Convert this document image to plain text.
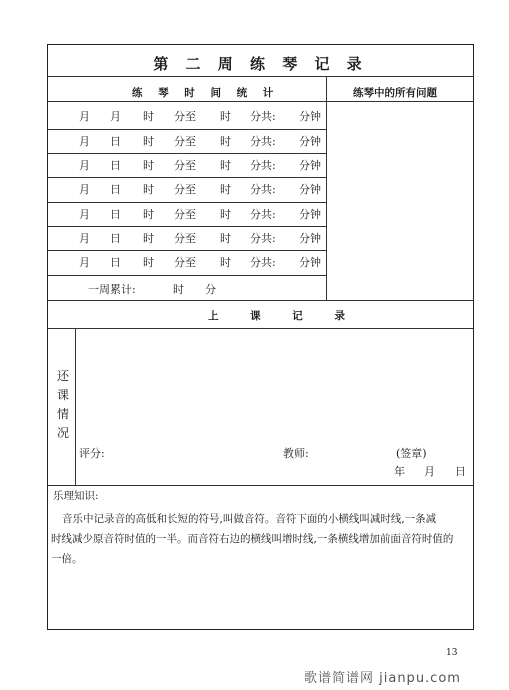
第 二 周 练 琴 记 录
练 琴 时 间 统 计	练琴中的所有问题
月 月 时 分至 时 分共: 分钟
月 日 时 分至 时 分共: 分钟
月 日 时 分至 时 分共: 分钟
月 日 时 分至 时 分共: 分钟
月 日 时 分至 时 分共: 分钟
月 日 时 分至 时 分共: 分钟
月 日 时 分至 时 分共: 分钟
一周累计:	时 分
上 课 记 录
还
课
情
况
评分:	教师:	(签章)
年 月 日
乐理知识:
音乐中记录音的高低和长短的符号,叫做音符。音符下面的小横线叫减时线,一条减
时线减少原音符时值的一半。而音符右边的横线叫增时线,一条横线增加前面音符时值的
一倍。
13
歌谱简谱网 jianpu.com
